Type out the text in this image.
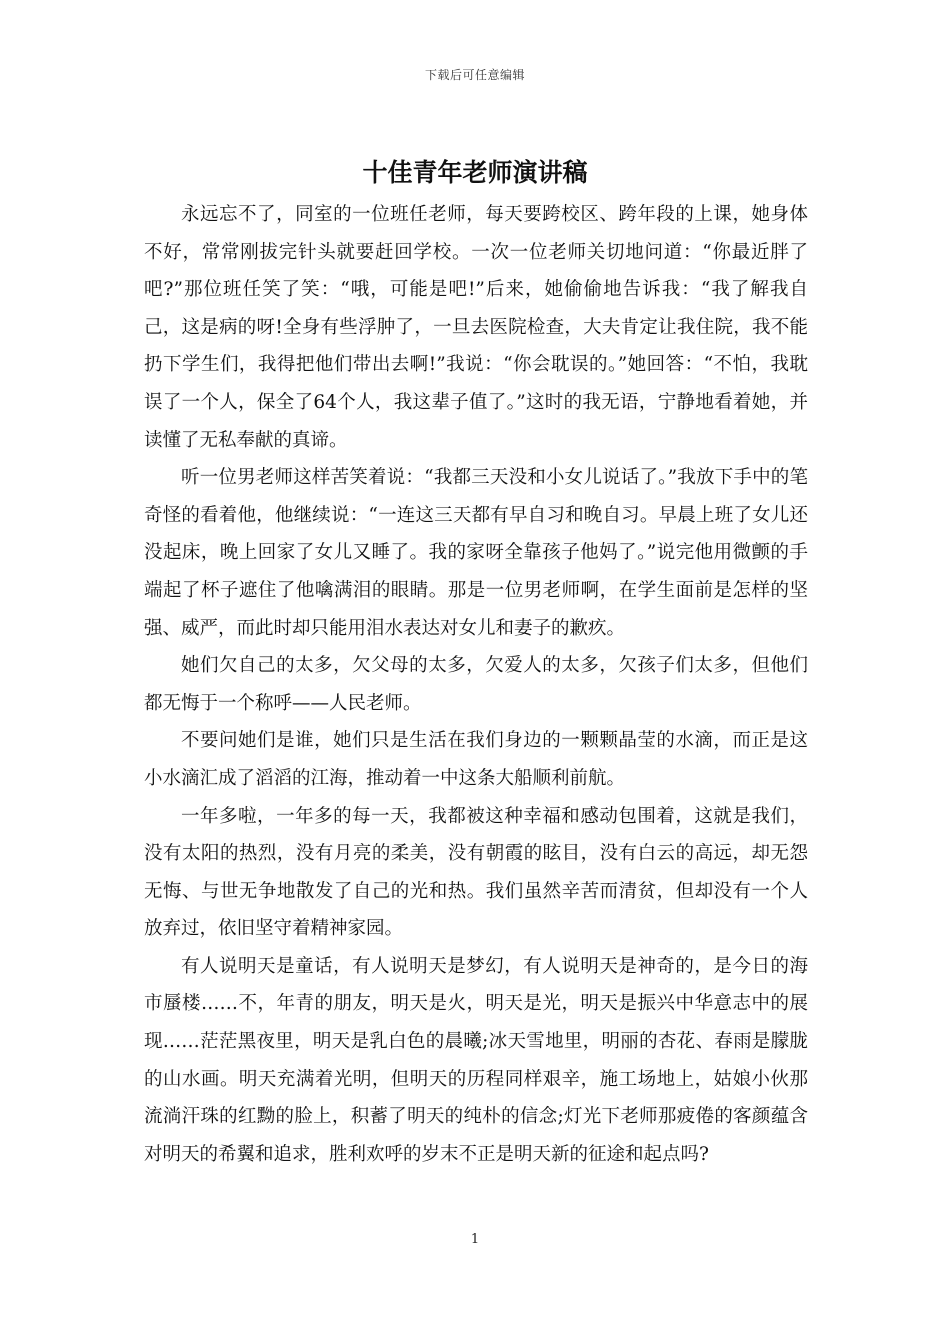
下载后可任意编辑
十佳青年老师演讲稿

永远忘不了，同室的一位班任老师，每天要跨校区、跨年段的上课，她身体不好，常常刚拔完针头就要赶回学校。一次一位老师关切地问道：“你最近胖了吧?”那位班任笑了笑：“哦，可能是吧!”后来，她偷偷地告诉我：“我了解我自己，这是病的呀!全身有些浮肿了，一旦去医院检查，大夫肯定让我住院，我不能扔下学生们，我得把他们带出去啊!”我说：“你会耽误的。”她回答：“不怕，我耽误了一个人，保全了64个人，我这辈子值了。”这时的我无语，宁静地看着她，并读懂了无私奉献的真谛。

听一位男老师这样苦笑着说：“我都三天没和小女儿说话了。”我放下手中的笔奇怪的看着他，他继续说：“一连这三天都有早自习和晚自习。早晨上班了女儿还没起床，晚上回家了女儿又睡了。我的家呀全靠孩子他妈了。”说完他用微颤的手端起了杯子遮住了他噙满泪的眼睛。那是一位男老师啊，在学生面前是怎样的坚强、威严，而此时却只能用泪水表达对女儿和妻子的歉疚。

她们欠自己的太多，欠父母的太多，欠爱人的太多，欠孩子们太多，但他们都无悔于一个称呼——人民老师。

不要问她们是谁，她们只是生活在我们身边的一颗颗晶莹的水滴，而正是这小水滴汇成了滔滔的江海，推动着一中这条大船顺利前航。

一年多啦，一年多的每一天，我都被这种幸福和感动包围着，这就是我们，没有太阳的热烈，没有月亮的柔美，没有朝霞的眩目，没有白云的高远，却无怨无悔、与世无争地散发了自己的光和热。我们虽然辛苦而清贫，但却没有一个人放弃过，依旧坚守着精神家园。

有人说明天是童话，有人说明天是梦幻，有人说明天是神奇的，是今日的海市蜃楼……不，年青的朋友，明天是火，明天是光，明天是振兴中华意志中的展现……茫茫黑夜里，明天是乳白色的晨曦;冰天雪地里，明丽的杏花、春雨是朦胧的山水画。明天充满着光明，但明天的历程同样艰辛，施工场地上，姑娘小伙那流淌汗珠的红黝的脸上，积蓄了明天的纯朴的信念;灯光下老师那疲倦的客颜蕴含对明天的希翼和追求，胜利欢呼的岁末不正是明天新的征途和起点吗?

1
